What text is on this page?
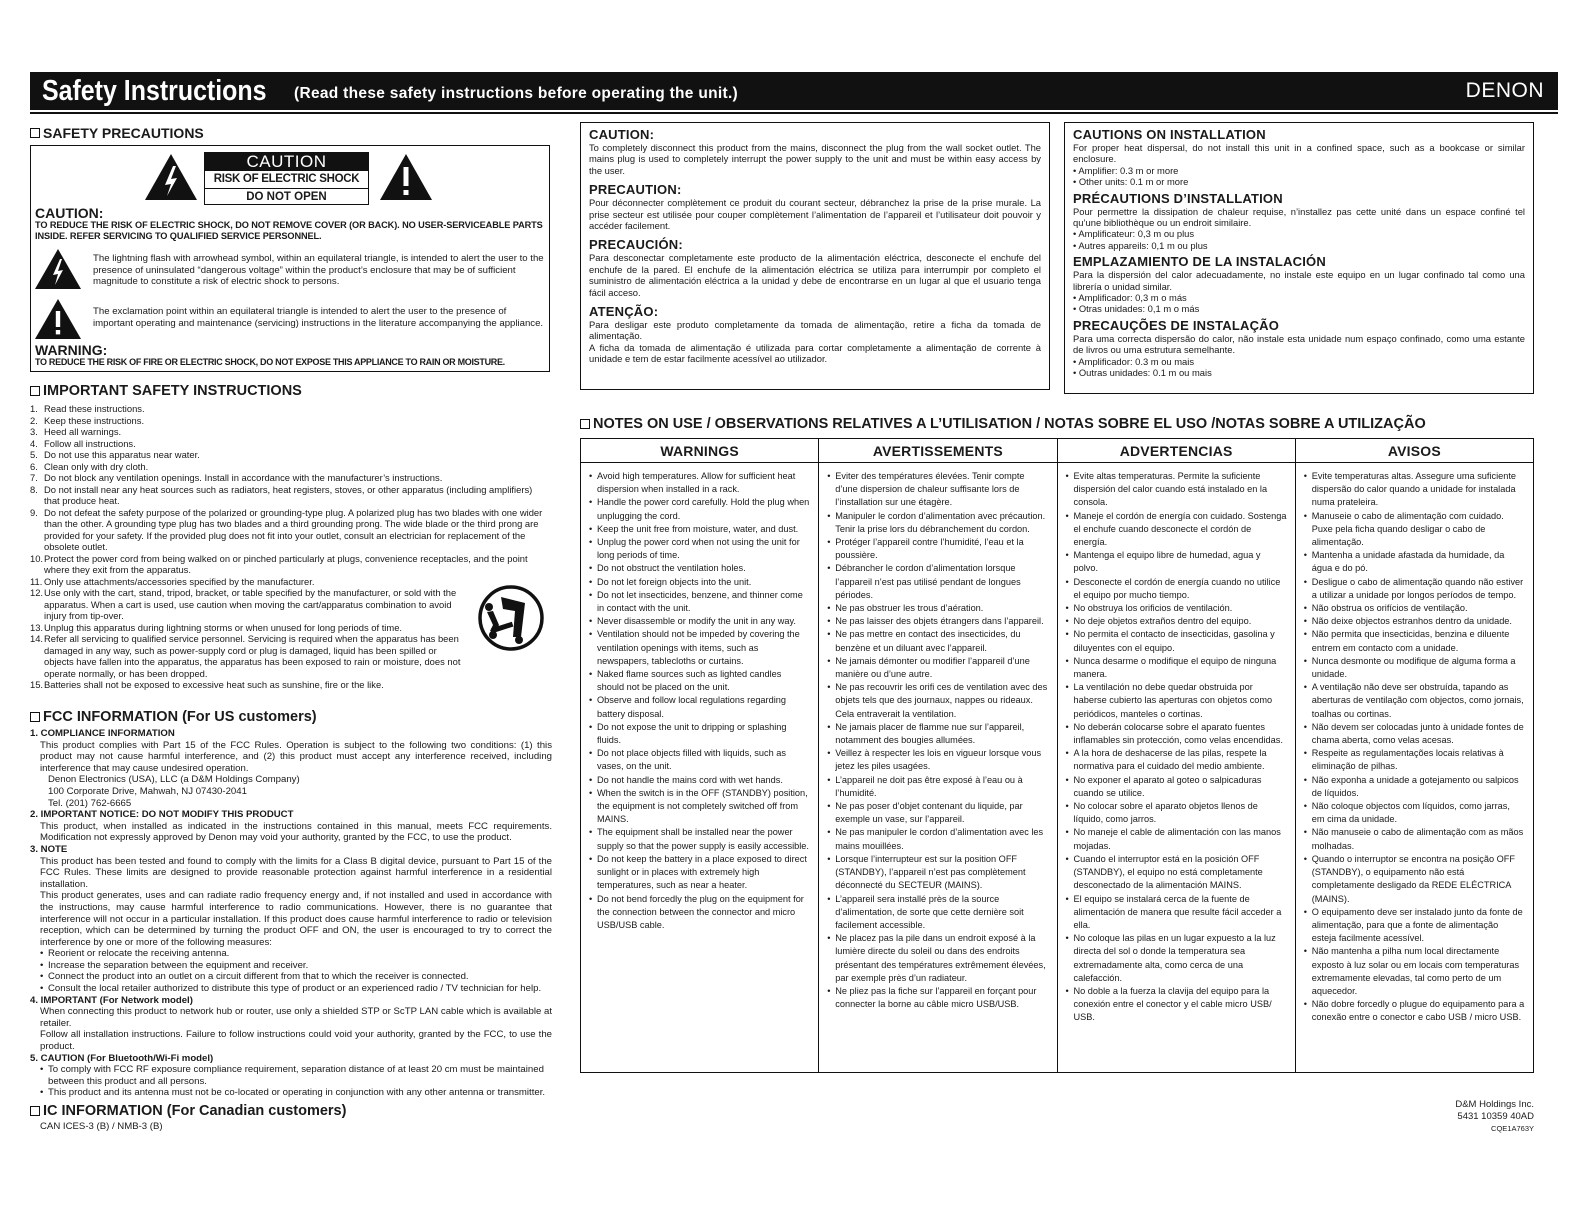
Safety Instructions (Read these safety instructions before operating the unit.)	DENON
SAFETY PRECAUTIONS
CAUTION
RISK OF ELECTRIC SHOCK
DO NOT OPEN
CAUTION:
TO REDUCE THE RISK OF ELECTRIC SHOCK, DO NOT REMOVE COVER (OR BACK). NO USER-SERVICEABLE PARTS INSIDE. REFER SERVICING TO QUALIFIED SERVICE PERSONNEL.
The lightning flash with arrowhead symbol, within an equilateral triangle, is intended to alert the user to the presence of uninsulated “dangerous voltage” within the product’s enclosure that may be of sufficient magnitude to constitute a risk of electric shock to persons.
The exclamation point within an equilateral triangle is intended to alert the user to the presence of important operating and maintenance (servicing) instructions in the literature accompanying the appliance.
WARNING:
TO REDUCE THE RISK OF FIRE OR ELECTRIC SHOCK, DO NOT EXPOSE THIS APPLIANCE TO RAIN OR MOISTURE.
IMPORTANT SAFETY INSTRUCTIONS
1. Read these instructions.
2. Keep these instructions.
3. Heed all warnings.
4. Follow all instructions.
5. Do not use this apparatus near water.
6. Clean only with dry cloth.
7. Do not block any ventilation openings. Install in accordance with the manufacturer’s instructions.
8. Do not install near any heat sources such as radiators, heat registers, stoves, or other apparatus (including amplifiers) that produce heat.
9. Do not defeat the safety purpose of the polarized or grounding-type plug. A polarized plug has two blades with one wider than the other. A grounding type plug has two blades and a third grounding prong. The wide blade or the third prong are provided for your safety. If the provided plug does not fit into your outlet, consult an electrician for replacement of the obsolete outlet.
10. Protect the power cord from being walked on or pinched particularly at plugs, convenience receptacles, and the point where they exit from the apparatus.
11. Only use attachments/accessories specified by the manufacturer.
12. Use only with the cart, stand, tripod, bracket, or table specified by the manufacturer, or sold with the apparatus. When a cart is used, use caution when moving the cart/apparatus combination to avoid injury from tip-over.
13. Unplug this apparatus during lightning storms or when unused for long periods of time.
14. Refer all servicing to qualified service personnel. Servicing is required when the apparatus has been damaged in any way, such as power-supply cord or plug is damaged, liquid has been spilled or objects have fallen into the apparatus, the apparatus has been exposed to rain or moisture, does not operate normally, or has been dropped.
15. Batteries shall not be exposed to excessive heat such as sunshine, fire or the like.
FCC INFORMATION (For US customers)
1. COMPLIANCE INFORMATION
This product complies with Part 15 of the FCC Rules. Operation is subject to the following two conditions: (1) this product may not cause harmful interference, and (2) this product must accept any interference received, including interference that may cause undesired operation.
Denon Electronics (USA), LLC (a D&M Holdings Company)
100 Corporate Drive, Mahwah, NJ 07430-2041
Tel. (201) 762-6665
2. IMPORTANT NOTICE: DO NOT MODIFY THIS PRODUCT
This product, when installed as indicated in the instructions contained in this manual, meets FCC requirements. Modification not expressly approved by Denon may void your authority, granted by the FCC, to use the product.
3. NOTE
This product has been tested and found to comply with the limits for a Class B digital device, pursuant to Part 15 of the FCC Rules. These limits are designed to provide reasonable protection against harmful interference in a residential installation.
This product generates, uses and can radiate radio frequency energy and, if not installed and used in accordance with the instructions, may cause harmful interference to radio communications. However, there is no guarantee that interference will not occur in a particular installation. If this product does cause harmful interference to radio or television reception, which can be determined by turning the product OFF and ON, the user is encouraged to try to correct the interference by one or more of the following measures:
• Reorient or relocate the receiving antenna.
• Increase the separation between the equipment and receiver.
• Connect the product into an outlet on a circuit different from that to which the receiver is connected.
• Consult the local retailer authorized to distribute this type of product or an experienced radio / TV technician for help.
4. IMPORTANT (For Network model)
When connecting this product to network hub or router, use only a shielded STP or ScTP LAN cable which is available at retailer.
Follow all installation instructions. Failure to follow instructions could void your authority, granted by the FCC, to use the product.
5. CAUTION (For Bluetooth/Wi-Fi model)
• To comply with FCC RF exposure compliance requirement, separation distance of at least 20 cm must be maintained between this product and all persons.
• This product and its antenna must not be co-located or operating in conjunction with any other antenna or transmitter.
IC INFORMATION (For Canadian customers)
CAN ICES-3 (B) / NMB-3 (B)
CAUTION:
To completely disconnect this product from the mains, disconnect the plug from the wall socket outlet. The mains plug is used to completely interrupt the power supply to the unit and must be within easy access by the user.
PRECAUTION:
Pour déconnecter complètement ce produit du courant secteur, débranchez la prise de la prise murale. La prise secteur est utilisée pour couper complètement l’alimentation de l’appareil et l’utilisateur doit pouvoir y accéder facilement.
PRECAUCIÓN:
Para desconectar completamente este producto de la alimentación eléctrica, desconecte el enchufe del enchufe de la pared. El enchufe de la alimentación eléctrica se utiliza para interrumpir por completo el suministro de alimentación eléctrica a la unidad y debe de encontrarse en un lugar al que el usuario tenga fácil acceso.
ATENÇÃO:
Para desligar este produto completamente da tomada de alimentação, retire a ficha da tomada de alimentação.
A ficha da tomada de alimentação é utilizada para cortar completamente a alimentação de corrente à unidade e tem de estar facilmente acessível ao utilizador.
CAUTIONS ON INSTALLATION
For proper heat dispersal, do not install this unit in a confined space, such as a bookcase or similar enclosure.
• Amplifier: 0.3 m or more
• Other units: 0.1 m or more
PRÉCAUTIONS D’INSTALLATION
Pour permettre la dissipation de chaleur requise, n’installez pas cette unité dans un espace confiné tel qu’une bibliothèque ou un endroit similaire.
• Amplificateur: 0,3 m ou plus
• Autres appareils: 0,1 m ou plus
EMPLAZAMIENTO DE LA INSTALACIÓN
Para la dispersión del calor adecuadamente, no instale este equipo en un lugar confinado tal como una librería o unidad similar.
• Amplificador: 0,3 m o más
• Otras unidades: 0,1 m o más
PRECAUÇÕES DE INSTALAÇÃO
Para uma correcta dispersão do calor, não instale esta unidade num espaço confinado, como uma estante de livros ou uma estrutura semelhante.
• Amplificador: 0.3 m ou mais
• Outras unidades: 0.1 m ou mais
NOTES ON USE / OBSERVATIONS RELATIVES A L’UTILISATION / NOTAS SOBRE EL USO /NOTAS SOBRE A UTILIZAÇÃO
WARNINGS
• Avoid high temperatures. Allow for sufficient heat dispersion when installed in a rack.
• Handle the power cord carefully. Hold the plug when unplugging the cord.
• Keep the unit free from moisture, water, and dust.
• Unplug the power cord when not using the unit for long periods of time.
• Do not obstruct the ventilation holes.
• Do not let foreign objects into the unit.
• Do not let insecticides, benzene, and thinner come in contact with the unit.
• Never disassemble or modify the unit in any way.
• Ventilation should not be impeded by covering the ventilation openings with items, such as newspapers, tablecloths or curtains.
• Naked flame sources such as lighted candles should not be placed on the unit.
• Observe and follow local regulations regarding battery disposal.
• Do not expose the unit to dripping or splashing fluids.
• Do not place objects filled with liquids, such as vases, on the unit.
• Do not handle the mains cord with wet hands.
• When the switch is in the OFF (STANDBY) position, the equipment is not completely switched off from MAINS.
• The equipment shall be installed near the power supply so that the power supply is easily accessible.
• Do not keep the battery in a place exposed to direct sunlight or in places with extremely high temperatures, such as near a heater.
• Do not bend forcedly the plug on the equipment for the connection between the connector and micro USB/USB cable.
AVERTISSEMENTS
• Eviter des températures élevées. Tenir compte d’une dispersion de chaleur suffisante lors de l’installation sur une étagère.
• Manipuler le cordon d’alimentation avec précaution. Tenir la prise lors du débranchement du cordon.
• Protéger l’appareil contre l’humidité, l’eau et la poussière.
• Débrancher le cordon d’alimentation lorsque l’appareil n’est pas utilisé pendant de longues périodes.
• Ne pas obstruer les trous d’aération.
• Ne pas laisser des objets étrangers dans l’appareil.
• Ne pas mettre en contact des insecticides, du benzène et un diluant avec l’appareil.
• Ne jamais démonter ou modifier l’appareil d’une manière ou d’une autre.
• Ne pas recouvrir les orifi ces de ventilation avec des objets tels que des journaux, nappes ou rideaux. Cela entraverait la ventilation.
• Ne jamais placer de flamme nue sur l’appareil, notamment des bougies allumées.
• Veillez à respecter les lois en vigueur lorsque vous jetez les piles usagées.
• L’appareil ne doit pas être exposé à l’eau ou à l’humidité.
• Ne pas poser d’objet contenant du liquide, par exemple un vase, sur l’appareil.
• Ne pas manipuler le cordon d’alimentation avec les mains mouillées.
• Lorsque l’interrupteur est sur la position OFF (STANDBY), l’appareil n’est pas complètement déconnecté du SECTEUR (MAINS).
• L’appareil sera installé près de la source d’alimentation, de sorte que cette dernière soit facilement accessible.
• Ne placez pas la pile dans un endroit exposé à la lumière directe du soleil ou dans des endroits présentant des températures extrêmement élevées, par exemple près d’un radiateur.
• Ne pliez pas la fiche sur l’appareil en forçant pour connecter la borne au câble micro USB/USB.
ADVERTENCIAS
• Evite altas temperaturas. Permite la suficiente dispersión del calor cuando está instalado en la consola.
• Maneje el cordón de energía con cuidado. Sostenga el enchufe cuando desconecte el cordón de energía.
• Mantenga el equipo libre de humedad, agua y polvo.
• Desconecte el cordón de energía cuando no utilice el equipo por mucho tiempo.
• No obstruya los orificios de ventilación.
• No deje objetos extraños dentro del equipo.
• No permita el contacto de insecticidas, gasolina y diluyentes con el equipo.
• Nunca desarme o modifique el equipo de ninguna manera.
• La ventilación no debe quedar obstruida por haberse cubierto las aperturas con objetos como periódicos, manteles o cortinas.
• No deberán colocarse sobre el aparato fuentes inflamables sin protección, como velas encendidas.
• A la hora de deshacerse de las pilas, respete la normativa para el cuidado del medio ambiente.
• No exponer el aparato al goteo o salpicaduras cuando se utilice.
• No colocar sobre el aparato objetos llenos de líquido, como jarros.
• No maneje el cable de alimentación con las manos mojadas.
• Cuando el interruptor está en la posición OFF (STANDBY), el equipo no está completamente desconectado de la alimentación MAINS.
• El equipo se instalará cerca de la fuente de alimentación de manera que resulte fácil acceder a ella.
• No coloque las pilas en un lugar expuesto a la luz directa del sol o donde la temperatura sea extremadamente alta, como cerca de una calefacción.
• No doble a la fuerza la clavija del equipo para la conexión entre el conector y el cable micro USB/ USB.
AVISOS
• Evite temperaturas altas. Assegure uma suficiente dispersão do calor quando a unidade for instalada numa prateleira.
• Manuseie o cabo de alimentação com cuidado. Puxe pela ficha quando desligar o cabo de alimentação.
• Mantenha a unidade afastada da humidade, da água e do pó.
• Desligue o cabo de alimentação quando não estiver a utilizar a unidade por longos períodos de tempo.
• Não obstrua os orifícios de ventilação.
• Não deixe objectos estranhos dentro da unidade.
• Não permita que insecticidas, benzina e diluente entrem em contacto com a unidade.
• Nunca desmonte ou modifique de alguma forma a unidade.
• A ventilação não deve ser obstruída, tapando as aberturas de ventilação com objectos, como jornais, toalhas ou cortinas.
• Não devem ser colocadas junto à unidade fontes de chama aberta, como velas acesas.
• Respeite as regulamentações locais relativas à eliminação de pilhas.
• Não exponha a unidade a gotejamento ou salpicos de líquidos.
• Não coloque objectos com líquidos, como jarras, em cima da unidade.
• Não manuseie o cabo de alimentação com as mãos molhadas.
• Quando o interruptor se encontra na posição OFF (STANDBY), o equipamento não está completamente desligado da REDE ELÉCTRICA (MAINS).
• O equipamento deve ser instalado junto da fonte de alimentação, para que a fonte de alimentação esteja facilmente acessível.
• Não mantenha a pilha num local directamente exposto à luz solar ou em locais com temperaturas extremamente elevadas, tal como perto de um aquecedor.
• Não dobre forcedly o plugue do equipamento para a conexão entre o conector e cabo USB / micro USB.
D&M Holdings Inc.
5431 10359 40AD
CQE1A763Y
